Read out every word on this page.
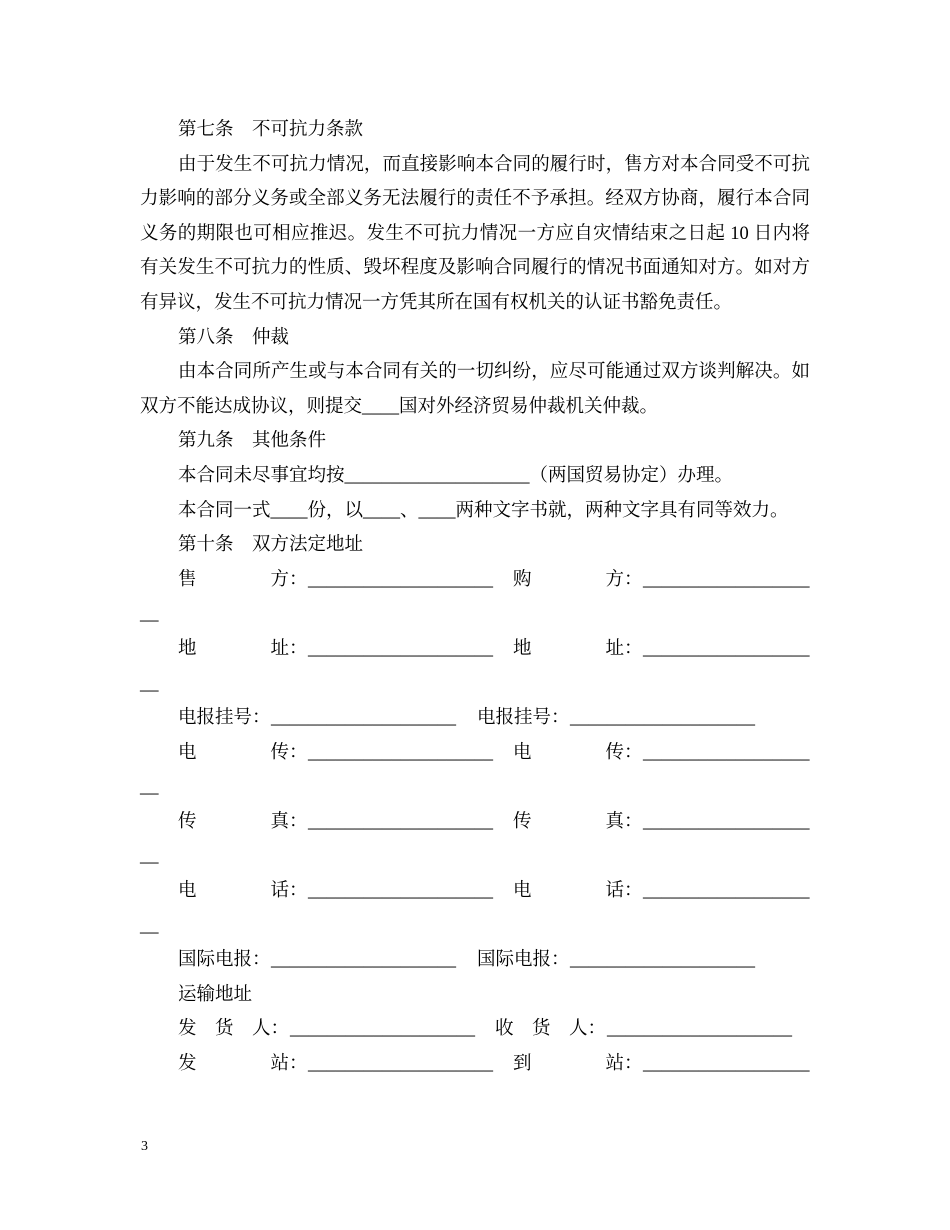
第七条　不可抗力条款
由于发生不可抗力情况，而直接影响本合同的履行时，售方对本合同受不可抗
力影响的部分义务或全部义务无法履行的责任不予承担。经双方协商，履行本合同
义务的期限也可相应推迟。发生不可抗力情况一方应自灾情结束之日起 10 日内将
有关发生不可抗力的性质、毁坏程度及影响合同履行的情况书面通知对方。如对方
有异议，发生不可抗力情况一方凭其所在国有权机关的认证书豁免责任。
第八条　仲裁
由本合同所产生或与本合同有关的一切纠纷，应尽可能通过双方谈判解决。如
双方不能达成协议，则提交____国对外经济贸易仲裁机关仲裁。
第九条　其他条件
本合同未尽事宜均按____________________（两国贸易协定）办理。
本合同一式____份，以____、____两种文字书就，两种文字具有同等效力。
第十条　双方法定地址
售　　　　方： ____________________ 购　　　　方： __________________
__
地　　　　址： ____________________ 地　　　　址： __________________
__
电报挂号： ____________________ 电报挂号： ____________________
电　　　　传： ____________________ 电　　　　传： __________________
__
传　　　　真： ____________________ 传　　　　真： __________________
__
电　　　　话： ____________________ 电　　　　话： __________________
__
国际电报： ____________________ 国际电报： ____________________
运输地址
发　货　人： ____________________ 收　货　人： ____________________
发　　　　站： ____________________ 到　　　　站： __________________
3
